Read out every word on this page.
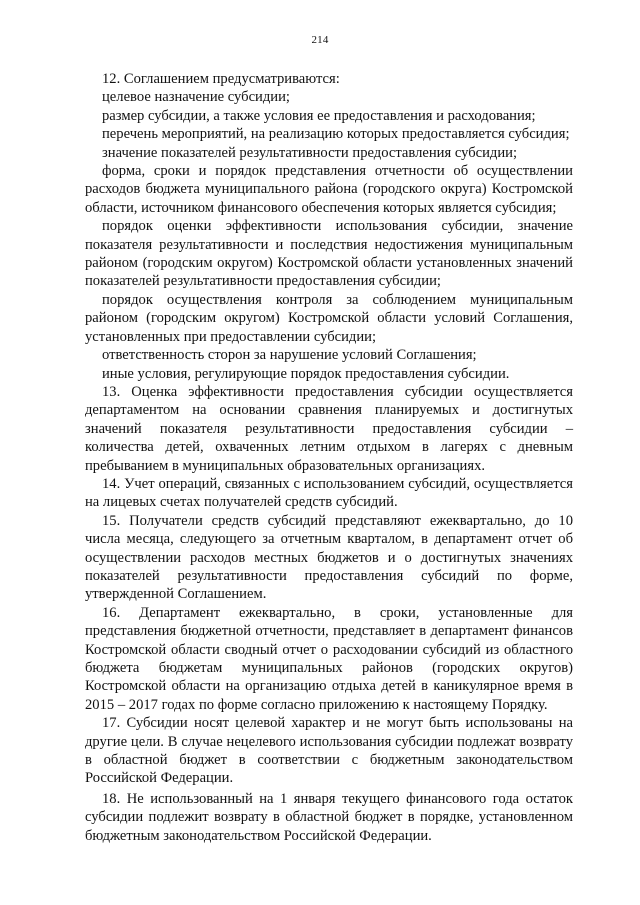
214

12. Соглашением предусматриваются:

целевое назначение субсидии;

размер субсидии, а также условия ее предоставления и расходования;

перечень мероприятий, на реализацию которых предоставляется субсидия;

значение показателей результативности предоставления субсидии;

форма, сроки и порядок представления отчетности об осуществлении расходов бюджета муниципального района (городского округа) Костромской области, источником финансового обеспечения которых является субсидия;

порядок оценки эффективности использования субсидии, значение показателя результативности и последствия недостижения муниципальным районом (городским округом) Костромской области установленных значений показателей результативности предоставления субсидии;

порядок осуществления контроля за соблюдением муниципальным районом (городским округом) Костромской области условий Соглашения, установленных при предоставлении субсидии;

ответственность сторон за нарушение условий Соглашения;

иные условия, регулирующие порядок предоставления субсидии.

13. Оценка эффективности предоставления субсидии осуществляется департаментом на основании сравнения планируемых и достигнутых значений показателя результативности предоставления субсидии – количества детей, охваченных летним отдыхом в лагерях с дневным пребыванием в муниципальных образовательных организациях.

14. Учет операций, связанных с использованием субсидий, осуществляется на лицевых счетах получателей средств субсидий.

15. Получатели средств субсидий представляют ежеквартально, до 10 числа месяца, следующего за отчетным кварталом, в департамент отчет об осуществлении расходов местных бюджетов и о достигнутых значениях показателей результативности предоставления субсидий по форме, утвержденной Соглашением.

16. Департамент ежеквартально, в сроки, установленные для представления бюджетной отчетности, представляет в департамент финансов Костромской области сводный отчет о расходовании субсидий из областного бюджета бюджетам муниципальных районов (городских округов) Костромской области на организацию отдыха детей в каникулярное время в 2015 – 2017 годах по форме согласно приложению к настоящему Порядку.

17. Субсидии носят целевой характер и не могут быть использованы на другие цели. В случае нецелевого использования субсидии подлежат возврату в областной бюджет в соответствии с бюджетным законодательством Российской Федерации.

18. Не использованный на 1 января текущего финансового года остаток субсидии подлежит возврату в областной бюджет в порядке, установленном бюджетным законодательством Российской Федерации.
